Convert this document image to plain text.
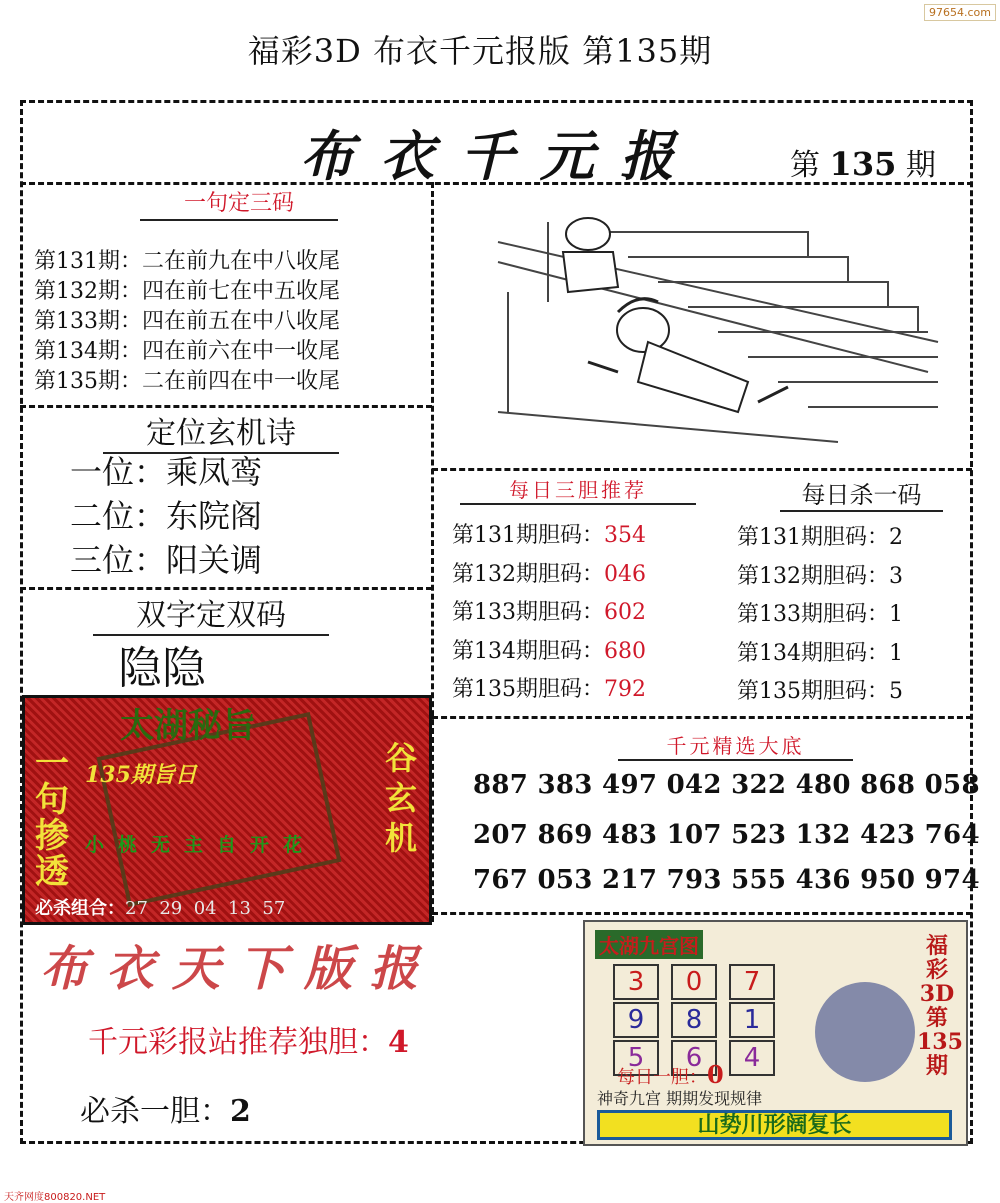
97654.com
福彩3D 布衣千元报版 第135期
布衣千元报	第 135 期
一句定三码
第131期：二在前九在中八收尾
第132期：四在前七在中五收尾
第133期：四在前五在中八收尾
第134期：四在前六在中一收尾
第135期：二在前四在中一收尾
定位玄机诗
一位：乘凤鸾
二位：东院阁
三位：阳关调
双字定双码
隐隐
每日三胆推荐
第131期胆码：354
第132期胆码：046
第133期胆码：602
第134期胆码：680
第135期胆码：792
每日杀一码
第131期胆码：2
第132期胆码：3
第133期胆码：1
第134期胆码：1
第135期胆码：5
千元精选大底
887 383 497 042 322 480 868 058
207 869 483 107 523 132 423 764
767 053 217 793 555 436 950 974
太湖秘旨
135期旨日
一句掺透
谷玄机
小桃无主自开花
必杀组合：27  29  04  13  57
布衣天下版报
千元彩报站推荐独胆：4
必杀一胆：2
太湖九宫图	福彩3D第135期
3	0	7
9	8	1
5	6	4
每日一胆：0
神奇九宫 期期发现规律
山势川形阔复长
天齐网度800820.NET
